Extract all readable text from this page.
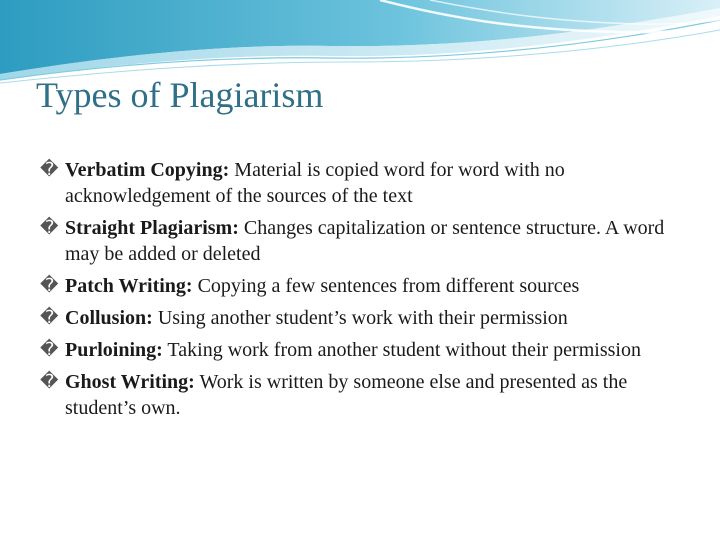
Types of Plagiarism
� Verbatim Copying: Material is copied word for word with no acknowledgement of the sources of the text
� Straight Plagiarism: Changes capitalization or sentence structure. A word may be added or deleted
� Patch Writing: Copying a few sentences from different sources
� Collusion: Using another student’s work with their permission
� Purloining: Taking work from another student without their permission
� Ghost Writing: Work is written by someone else and presented as the student’s own.
